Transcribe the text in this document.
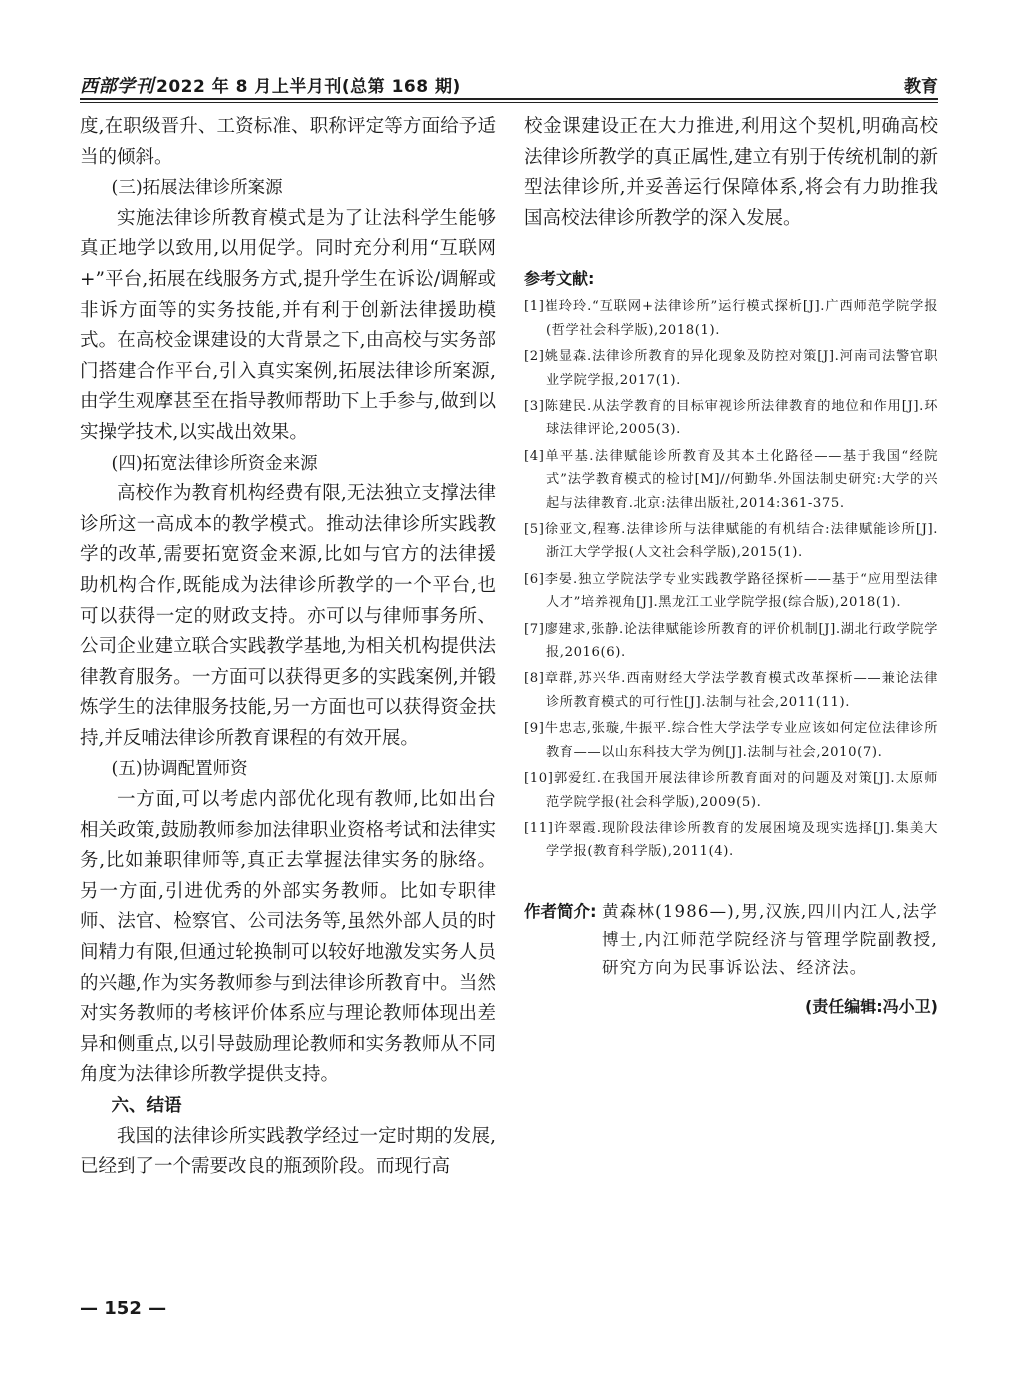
西部学刊 2022 年 8 月上半月刊(总第 168 期)	教育

度,在职级晋升、工资标准、职称评定等方面给予适当的倾斜。

(三)拓展法律诊所案源

实施法律诊所教育模式是为了让法科学生能够真正地学以致用,以用促学。同时充分利用“互联网+”平台,拓展在线服务方式,提升学生在诉讼/调解或非诉方面等的实务技能,并有利于创新法律援助模式。在高校金课建设的大背景之下,由高校与实务部门搭建合作平台,引入真实案例,拓展法律诊所案源,由学生观摩甚至在指导教师帮助下上手参与,做到以实操学技术,以实战出效果。

(四)拓宽法律诊所资金来源

高校作为教育机构经费有限,无法独立支撑法律诊所这一高成本的教学模式。推动法律诊所实践教学的改革,需要拓宽资金来源,比如与官方的法律援助机构合作,既能成为法律诊所教学的一个平台,也可以获得一定的财政支持。亦可以与律师事务所、公司企业建立联合实践教学基地,为相关机构提供法律教育服务。一方面可以获得更多的实践案例,并锻炼学生的法律服务技能,另一方面也可以获得资金扶持,并反哺法律诊所教育课程的有效开展。

(五)协调配置师资

一方面,可以考虑内部优化现有教师,比如出台相关政策,鼓励教师参加法律职业资格考试和法律实务,比如兼职律师等,真正去掌握法律实务的脉络。另一方面,引进优秀的外部实务教师。比如专职律师、法官、检察官、公司法务等,虽然外部人员的时间精力有限,但通过轮换制可以较好地激发实务人员的兴趣,作为实务教师参与到法律诊所教育中。当然对实务教师的考核评价体系应与理论教师体现出差异和侧重点,以引导鼓励理论教师和实务教师从不同角度为法律诊所教学提供支持。

六、结语

我国的法律诊所实践教学经过一定时期的发展,已经到了一个需要改良的瓶颈阶段。而现行高

校金课建设正在大力推进,利用这个契机,明确高校法律诊所教学的真正属性,建立有别于传统机制的新型法律诊所,并妥善运行保障体系,将会有力助推我国高校法律诊所教学的深入发展。

参考文献:

[1]崔玲玲.“互联网+法律诊所”运行模式探析[J].广西师范学院学报(哲学社会科学版),2018(1).

[2]姚显森.法律诊所教育的异化现象及防控对策[J].河南司法警官职业学院学报,2017(1).

[3]陈建民.从法学教育的目标审视诊所法律教育的地位和作用[J].环球法律评论,2005(3).

[4]单平基.法律赋能诊所教育及其本土化路径——基于我国“经院式”法学教育模式的检讨[M]//何勤华.外国法制史研究:大学的兴起与法律教育.北京:法律出版社,2014:361-375.

[5]徐亚文,程骞.法律诊所与法律赋能的有机结合:法律赋能诊所[J].浙江大学学报(人文社会科学版),2015(1).

[6]李晏.独立学院法学专业实践教学路径探析——基于“应用型法律人才”培养视角[J].黑龙江工业学院学报(综合版),2018(1).

[7]廖建求,张静.论法律赋能诊所教育的评价机制[J].湖北行政学院学报,2016(6).

[8]章群,苏兴华.西南财经大学法学教育模式改革探析——兼论法律诊所教育模式的可行性[J].法制与社会,2011(11).

[9]牛忠志,张璇,牛振平.综合性大学法学专业应该如何定位法律诊所教育——以山东科技大学为例[J].法制与社会,2010(7).

[10]郭爱红.在我国开展法律诊所教育面对的问题及对策[J].太原师范学院学报(社会科学版),2009(5).

[11]许翠霞.现阶段法律诊所教育的发展困境及现实选择[J].集美大学学报(教育科学版),2011(4).

作者简介: 黄森林(1986—),男,汉族,四川内江人,法学博士,内江师范学院经济与管理学院副教授,研究方向为民事诉讼法、经济法。
(责任编辑:冯小卫)
— 152 —
